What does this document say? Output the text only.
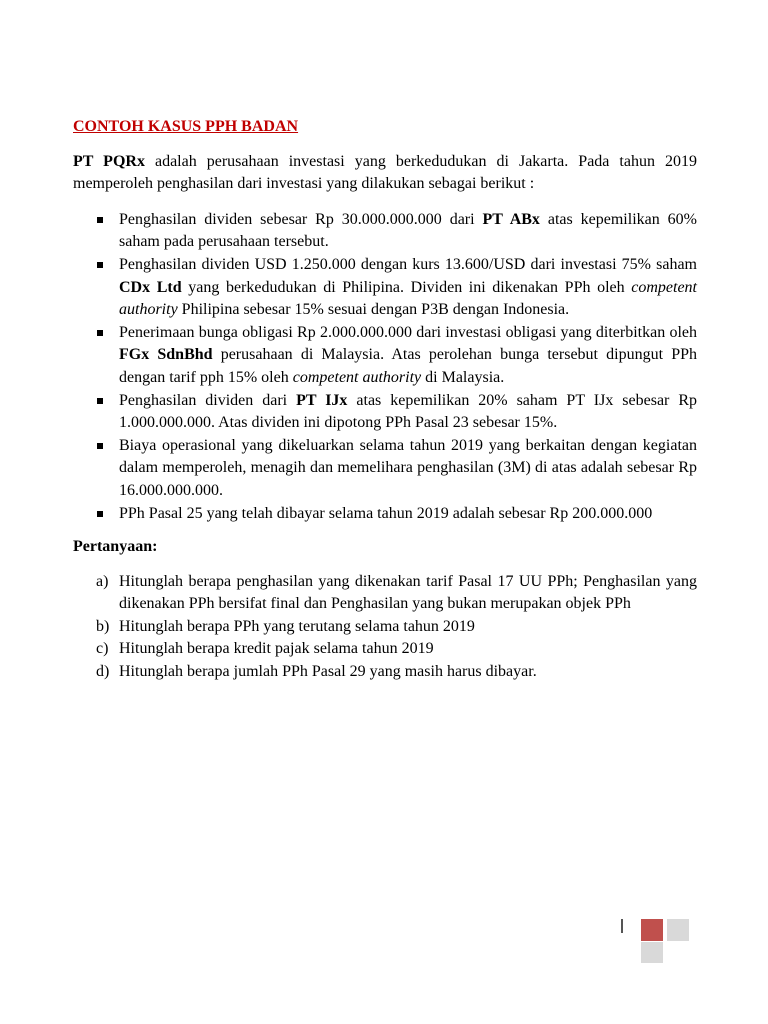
CONTOH KASUS PPH BADAN

PT PQRx adalah perusahaan investasi yang berkedudukan di Jakarta. Pada tahun 2019 memperoleh penghasilan dari investasi yang dilakukan sebagai berikut :

Penghasilan dividen sebesar Rp 30.000.000.000 dari PT ABx atas kepemilikan 60% saham pada perusahaan tersebut.
Penghasilan dividen USD 1.250.000 dengan kurs 13.600/USD dari investasi 75% saham CDx Ltd yang berkedudukan di Philipina. Dividen ini dikenakan PPh oleh competent authority Philipina sebesar 15% sesuai dengan P3B dengan Indonesia.
Penerimaan bunga obligasi Rp 2.000.000.000 dari investasi obligasi yang diterbitkan oleh FGx SdnBhd perusahaan di Malaysia. Atas perolehan bunga tersebut dipungut PPh dengan tarif pph 15% oleh competent authority di Malaysia.
Penghasilan dividen dari PT IJx atas kepemilikan 20% saham PT IJx sebesar Rp 1.000.000.000. Atas dividen ini dipotong PPh Pasal 23 sebesar 15%.
Biaya operasional yang dikeluarkan selama tahun 2019 yang berkaitan dengan kegiatan dalam memperoleh, menagih dan memelihara penghasilan (3M) di atas adalah sebesar Rp 16.000.000.000.
PPh Pasal 25 yang telah dibayar selama tahun 2019 adalah sebesar Rp 200.000.000
Pertanyaan:
a) Hitunglah berapa penghasilan yang dikenakan tarif Pasal 17 UU PPh; Penghasilan yang dikenakan PPh bersifat final dan Penghasilan yang bukan merupakan objek PPh
b) Hitunglah berapa PPh yang terutang selama tahun 2019
c) Hitunglah berapa kredit pajak selama tahun 2019
d) Hitunglah berapa jumlah PPh Pasal 29 yang masih harus dibayar.
